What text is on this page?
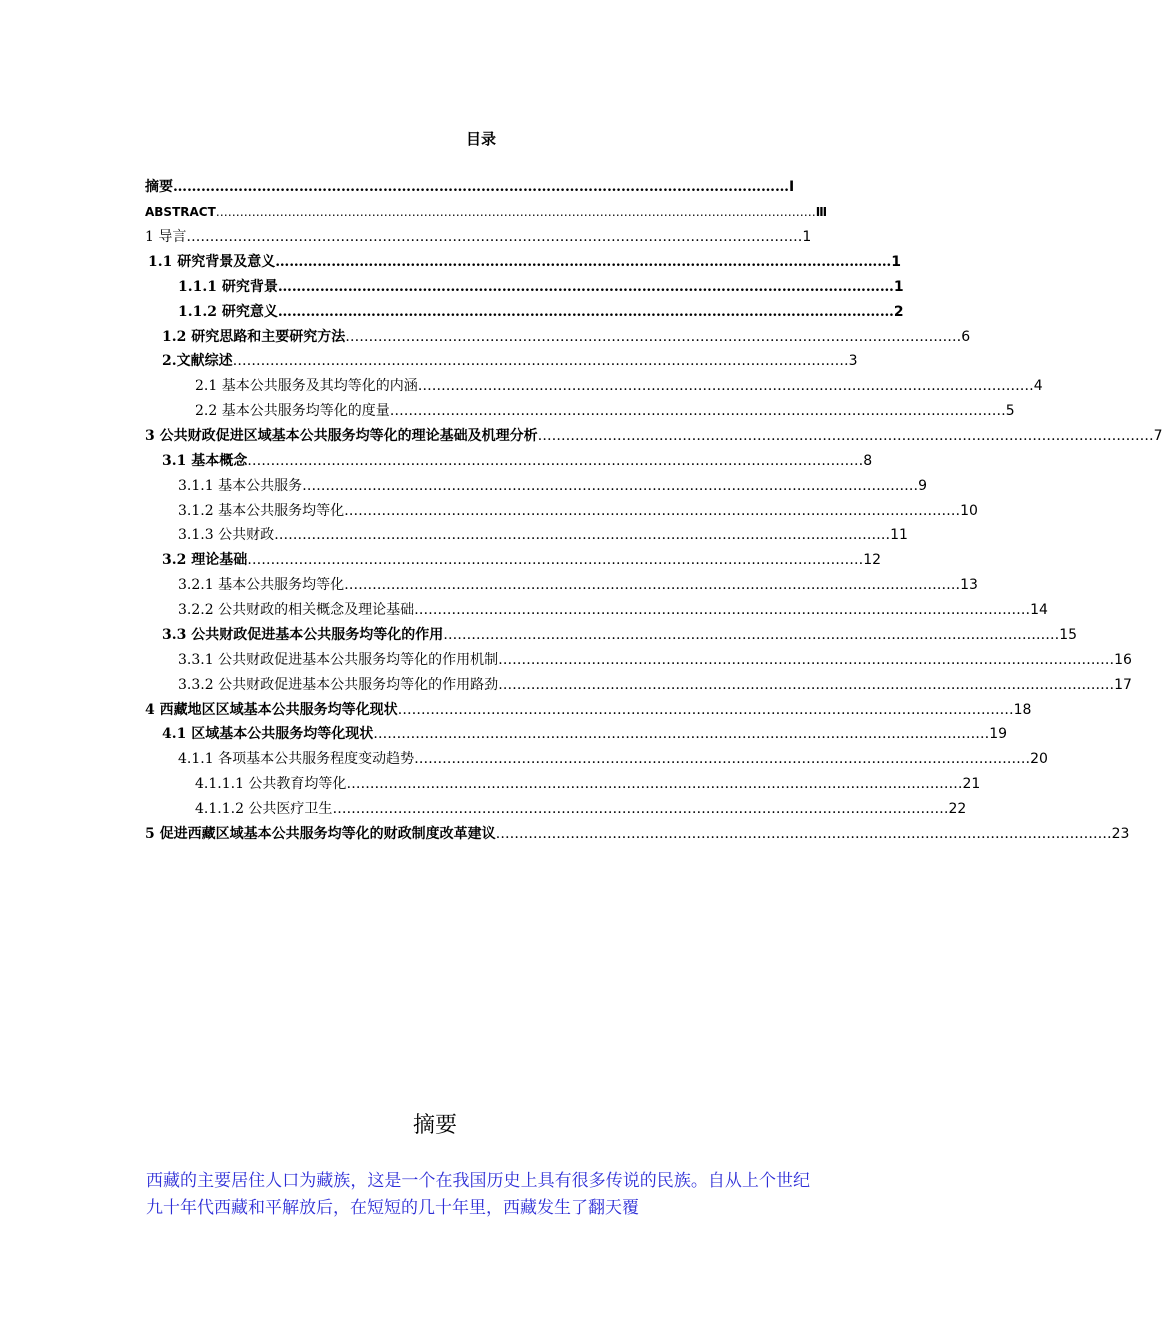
目录
摘要 …………………………………………………………………………………………………………………… Ⅰ
ABSTRACT …………………………………………………………………………………………………………………………………… Ⅲ
1 导言 …………………………………………………………………………………………………………………… 1
1.1 研究背景及意义 …………………………………………………………………………………………………………………… 1
1.1.1 研究背景 …………………………………………………………………………………………………………………… 1
1.1.2 研究意义 …………………………………………………………………………………………………………………… 2
1.2 研究思路和主要研究方法 …………………………………………………………………………………………………………………… 6
2.文献综述 …………………………………………………………………………………………………………………… 3
2.1 基本公共服务及其均等化的内涵 …………………………………………………………………………………………………………………… 4
2.2 基本公共服务均等化的度量 …………………………………………………………………………………………………………………… 5
3 公共财政促进区域基本公共服务均等化的理论基础及机理分析 …………………………………………………………………………………………………………………… 7
3.1 基本概念 …………………………………………………………………………………………………………………… 8
3.1.1 基本公共服务 …………………………………………………………………………………………………………………… 9
3.1.2 基本公共服务均等化 …………………………………………………………………………………………………………………… 10
3.1.3 公共财政 …………………………………………………………………………………………………………………… 11
3.2 理论基础 …………………………………………………………………………………………………………………… 12
3.2.1 基本公共服务均等化 …………………………………………………………………………………………………………………… 13
3.2.2 公共财政的相关概念及理论基础 …………………………………………………………………………………………………………………… 14
3.3 公共财政促进基本公共服务均等化的作用 …………………………………………………………………………………………………………………… 15
3.3.1 公共财政促进基本公共服务均等化的作用机制 …………………………………………………………………………………………………………………… 16
3.3.2 公共财政促进基本公共服务均等化的作用路劲 …………………………………………………………………………………………………………………… 17
4 西藏地区区域基本公共服务均等化现状 …………………………………………………………………………………………………………………… 18
4.1 区域基本公共服务均等化现状 …………………………………………………………………………………………………………………… 19
4.1.1 各项基本公共服务程度变动趋势 …………………………………………………………………………………………………………………… 20
4.1.1.1 公共教育均等化 …………………………………………………………………………………………………………………… 21
4.1.1.2 公共医疗卫生 …………………………………………………………………………………………………………………… 22
5 促进西藏区域基本公共服务均等化的财政制度改革建议 …………………………………………………………………………………………………………………… 23
摘要
西藏的主要居住人口为藏族，这是一个在我国历史上具有很多传说的民族。自从上个世纪九十年代西藏和平解放后，在短短的几十年里，西藏发生了翻天覆
